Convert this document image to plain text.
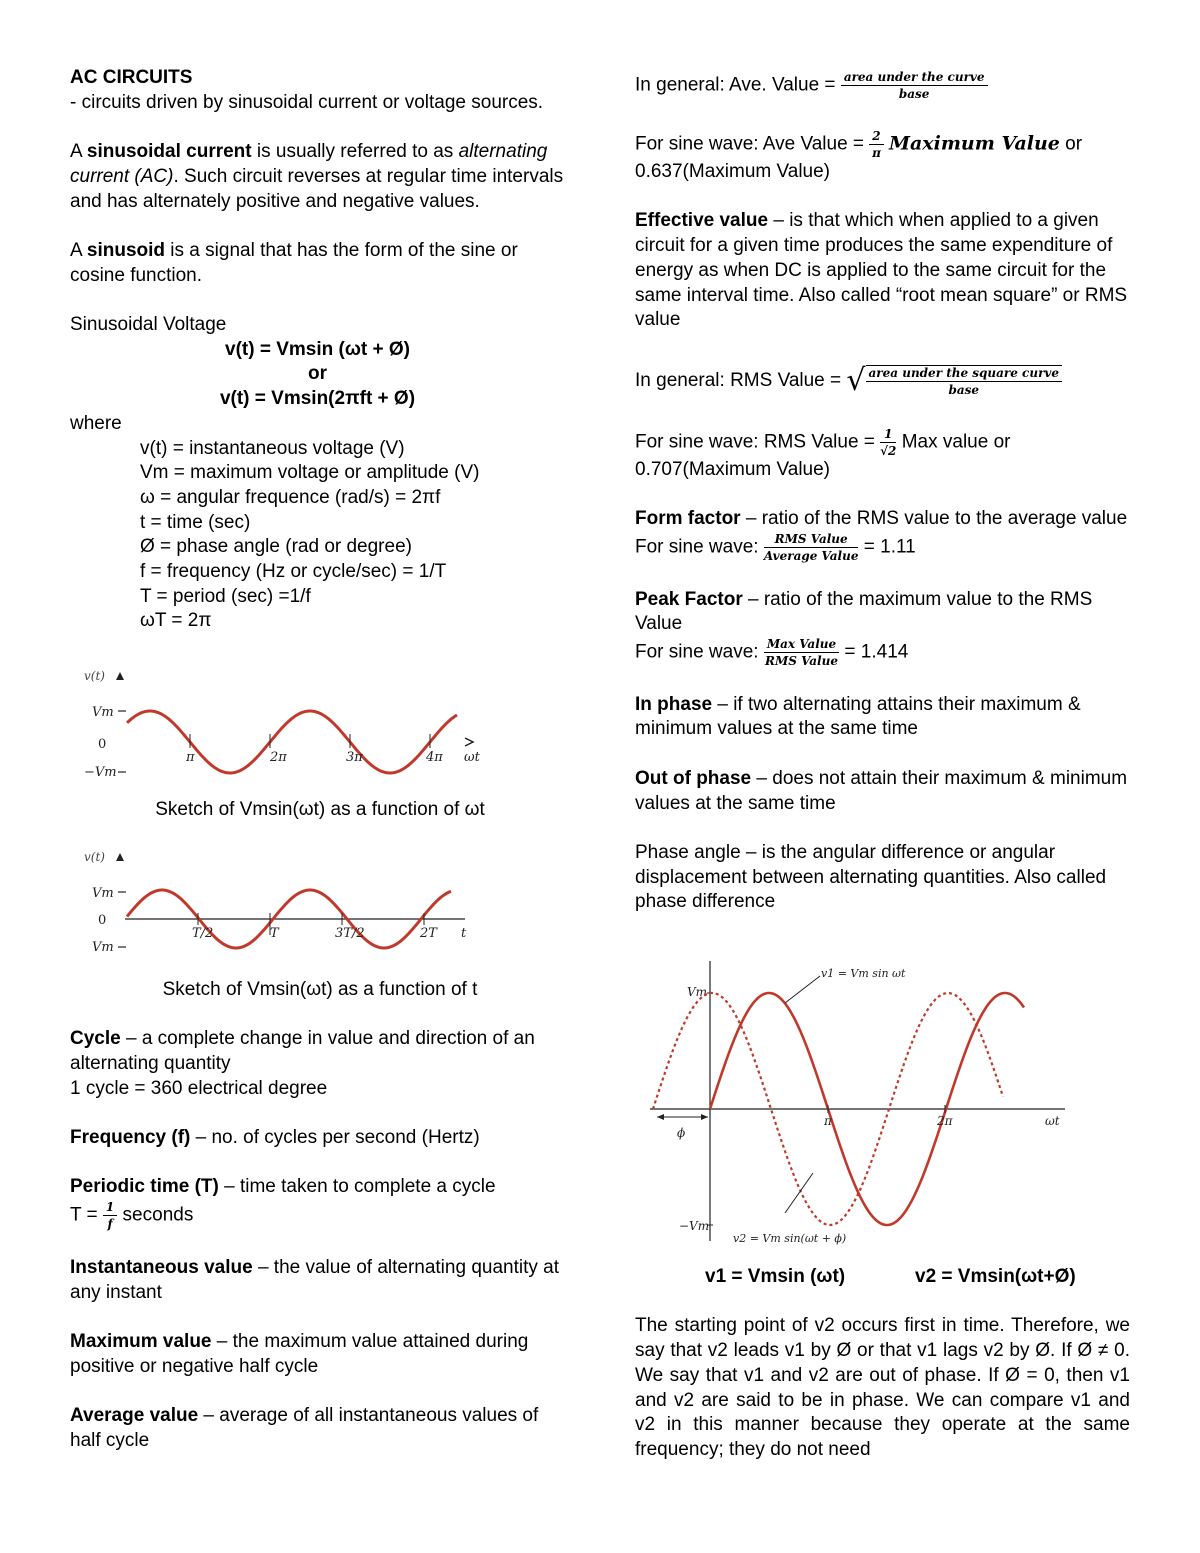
AC CIRCUITS

- circuits driven by sinusoidal current or voltage sources.

A sinusoidal current is usually referred to as alternating current (AC). Such circuit reverses at regular time intervals and has alternately positive and negative values.

A sinusoid is a signal that has the form of the sine or cosine function.

Sinusoidal Voltage

v(t) = Vmsin (ωt + Ø)

or

v(t) = Vmsin(2πft + Ø)

where

v(t) = instantaneous voltage (V)

Vm = maximum voltage or amplitude (V)

ω = angular frequence (rad/s) = 2πf

t = time (sec)

Ø = phase angle (rad or degree)

f = frequency (Hz or cycle/sec) = 1/T

T = period (sec) =1/f

ωT = 2π

v(t)
Vm
0
−Vm
π	2π	3π	4π ωt

Sketch of Vmsin(ωt) as a function of ωt

v(t)
Vm
0
Vm
T/2	T	3T/2	2T t

Sketch of Vmsin(ωt) as a function of t

Cycle – a complete change in value and direction of an alternating quantity

1 cycle = 360 electrical degree

Frequency (f) – no. of cycles per second (Hertz)

Periodic time (T) – time taken to complete a cycle

$T = \frac{1}{f}$ seconds

Instantaneous value – the value of alternating quantity at any instant

Maximum value – the maximum value attained during positive or negative half cycle

Average value – average of all instantaneous values of half cycle

In general: Ave. Value = $\frac{\text{area under the curve}}{\text{base}}$

For sine wave: Ave Value = $\frac{2}{\pi}$ Maximum Value or

0.637(Maximum Value)

Effective value – is that which when applied to a given circuit for a given time produces the same expenditure of energy as when DC is applied to the same circuit for the same interval time. Also called “root mean square” or RMS value

In general: RMS Value = √ $\frac{\text{area under the square curve}}{\text{base}}$

For sine wave: RMS Value = $\frac{1}{√2}$ Max value or 0.707(Maximum Value)

Form factor – ratio of the RMS value to the average value

For sine wave: $\frac{\text{RMS Value}}{\text{Average Value}} = 1.11$

Peak Factor – ratio of the maximum value to the RMS Value

For sine wave: $\frac{\text{Max Value}}{\text{RMS Value}} = 1.414$

In phase – if two alternating attains their maximum & minimum values at the same time

Out of phase – does not attain their maximum & minimum values at the same time

Phase angle – is the angular difference or angular displacement between alternating quantities. Also called phase difference

Vm
−Vm
π	2π	ωt
ϕ
v1 = Vm sin ωt
v2 = Vm sin(ωt + ϕ)

v1 = Vmsin (ωt)	v2 = Vmsin(ωt+Ø)

The starting point of v2 occurs first in time. Therefore, we say that v2 leads v1 by Ø or that v1 lags v2 by Ø. If Ø ≠ 0. We say that v1 and v2 are out of phase. If Ø = 0, then v1 and v2 are said to be in phase. We can compare v1 and v2 in this manner because they operate at the same frequency; they do not need
